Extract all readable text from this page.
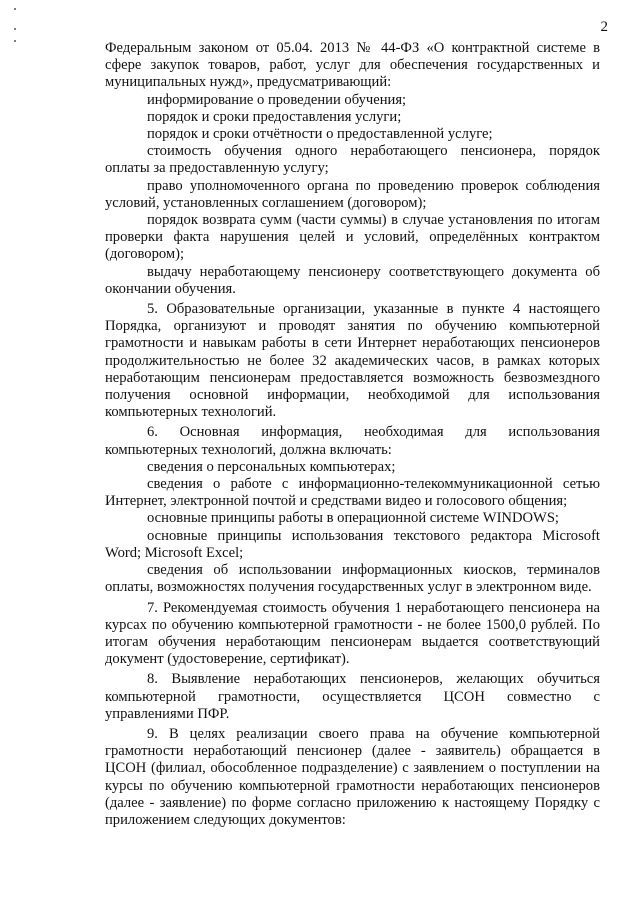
2

Федеральным законом от 05.04. 2013 № 44-ФЗ «О контрактной системе в сфере закупок товаров, работ, услуг для обеспечения государственных и муниципальных нужд», предусматривающий:

информирование о проведении обучения;

порядок и сроки предоставления услуги;

порядок и сроки отчётности о предоставленной услуге;

стоимость обучения одного неработающего пенсионера, порядок оплаты за предоставленную услугу;

право уполномоченного органа по проведению проверок соблюдения условий, установленных соглашением (договором);

порядок возврата сумм (части суммы) в случае установления по итогам проверки факта нарушения целей и условий, определённых контрактом (договором);

выдачу неработающему пенсионеру соответствующего документа об окончании обучения.

5. Образовательные организации, указанные в пункте 4 настоящего Порядка, организуют и проводят занятия по обучению компьютерной грамотности и навыкам работы в сети Интернет неработающих пенсионеров продолжительностью не более 32 академических часов, в рамках которых неработающим пенсионерам предоставляется возможность безвозмездного получения основной информации, необходимой для использования компьютерных технологий.

6. Основная информация, необходимая для использования компьютерных технологий, должна включать:

сведения о персональных компьютерах;

сведения о работе с информационно-телекоммуникационной сетью Интернет, электронной почтой и средствами видео и голосового общения;

основные принципы работы в операционной системе WINDOWS;

основные принципы использования текстового редактора Microsoft Word; Microsoft Excel;

сведения об использовании информационных киосков, терминалов оплаты, возможностях получения государственных услуг в электронном виде.

7. Рекомендуемая стоимость обучения 1 неработающего пенсионера на курсах по обучению компьютерной грамотности - не более 1500,0 рублей. По итогам обучения неработающим пенсионерам выдается соответствующий документ (удостоверение, сертификат).

8. Выявление неработающих пенсионеров, желающих обучиться компьютерной грамотности, осуществляется ЦСОН совместно с управлениями ПФР.

9. В целях реализации своего права на обучение компьютерной грамотности неработающий пенсионер (далее - заявитель) обращается в ЦСОН (филиал, обособленное подразделение) с заявлением о поступлении на курсы по обучению компьютерной грамотности неработающих пенсионеров (далее - заявление) по форме согласно приложению к настоящему Порядку с приложением следующих документов:
